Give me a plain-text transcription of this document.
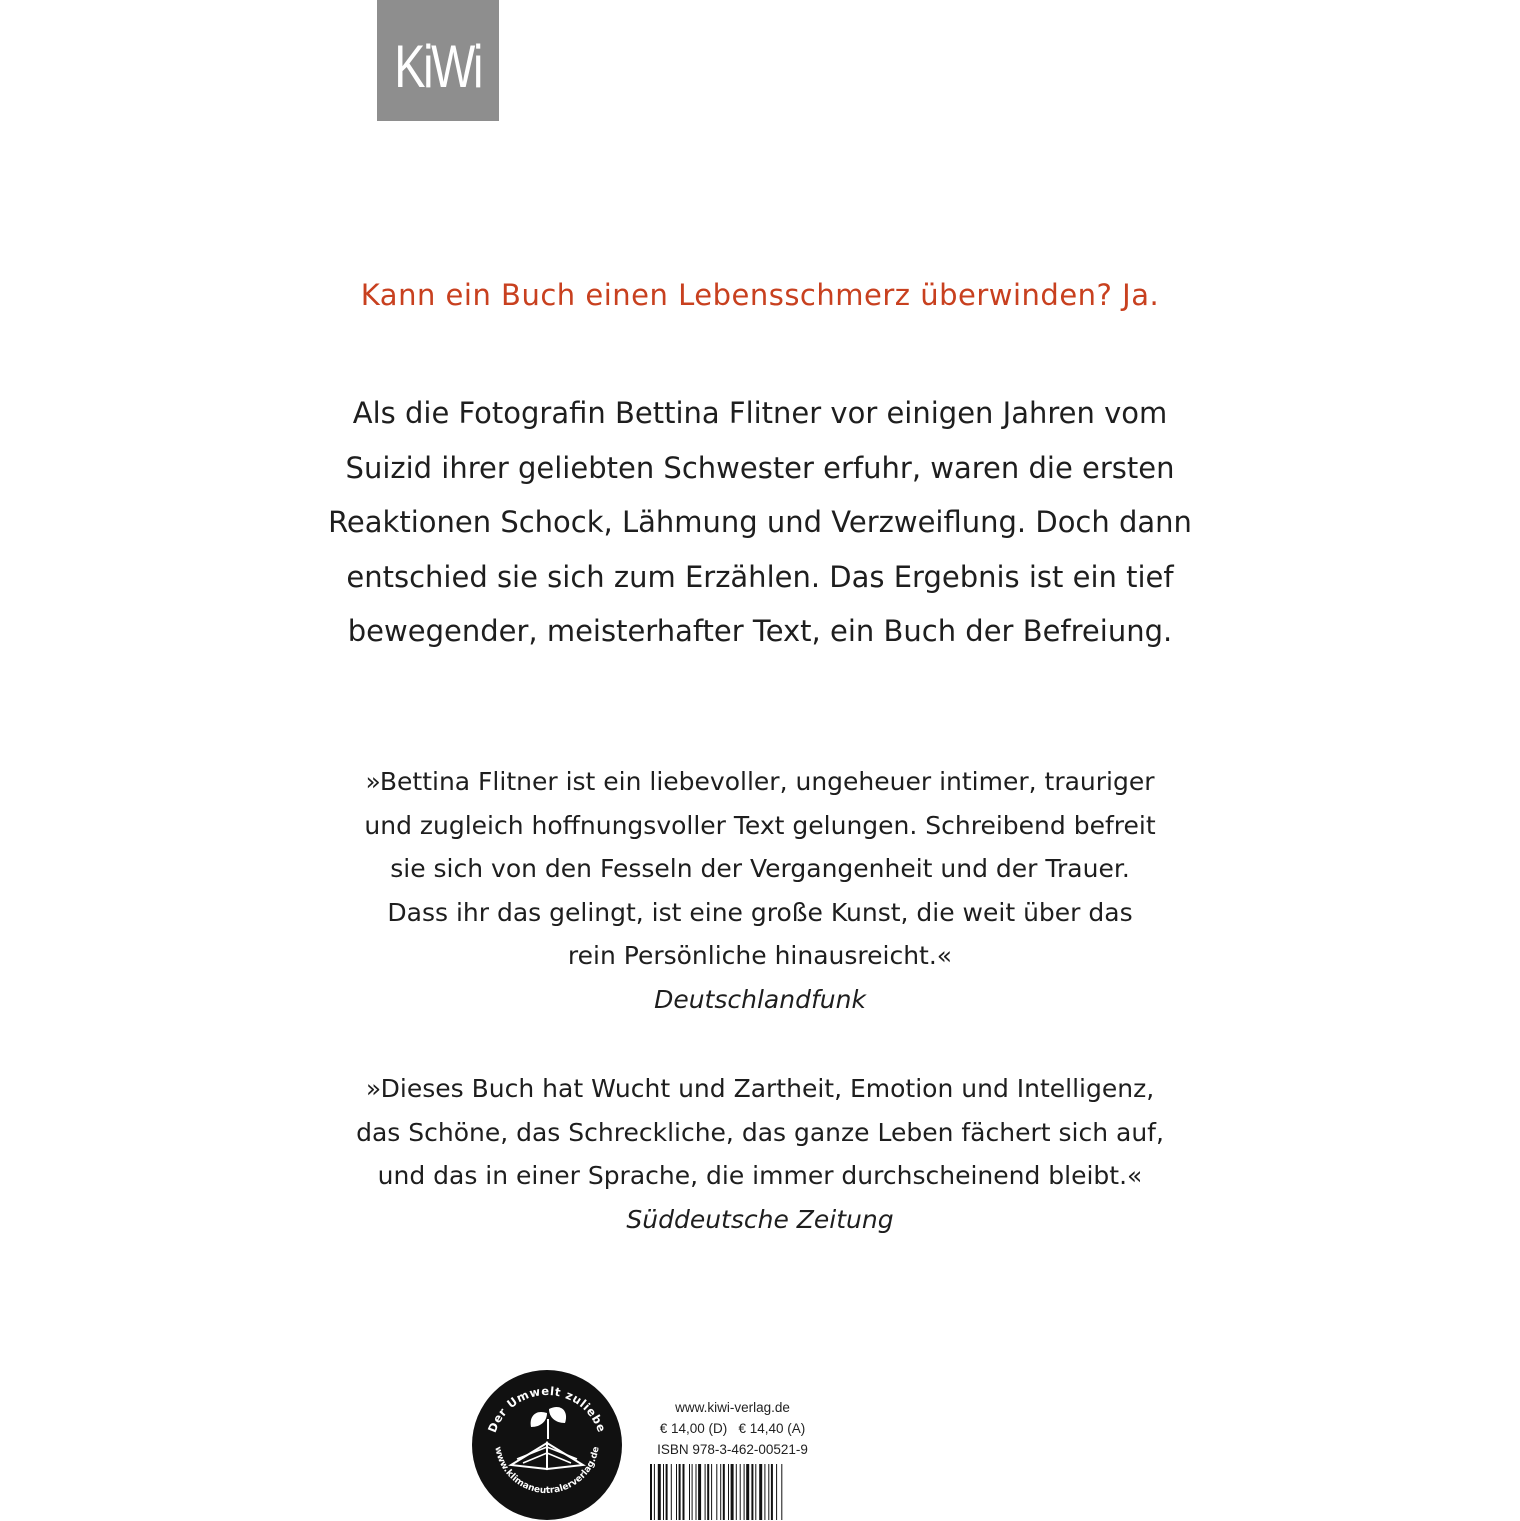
KiWi
Kann ein Buch einen Lebensschmerz überwinden? Ja.
Als die Fotografin Bettina Flitner vor einigen Jahren vom
Suizid ihrer geliebten Schwester erfuhr, waren die ersten
Reaktionen Schock, Lähmung und Verzweiflung. Doch dann
entschied sie sich zum Erzählen. Das Ergebnis ist ein tief
bewegender, meisterhafter Text, ein Buch der Befreiung.
»Bettina Flitner ist ein liebevoller, ungeheuer intimer, trauriger
und zugleich hoffnungsvoller Text gelungen. Schreibend befreit
sie sich von den Fesseln der Vergangenheit und der Trauer.
Dass ihr das gelingt, ist eine große Kunst, die weit über das
rein Persönliche hinausreicht.«
Deutschlandfunk
»Dieses Buch hat Wucht und Zartheit, Emotion und Intelligenz,
das Schöne, das Schreckliche, das ganze Leben fächert sich auf,
und das in einer Sprache, die immer durchscheinend bleibt.«
Süddeutsche Zeitung
Der Umwelt zuliebe
www.klimaneutralerverlag.de
www.kiwi-verlag.de
€ 14,00 (D)   € 14,40 (A)
ISBN 978-3-462-00521-9
